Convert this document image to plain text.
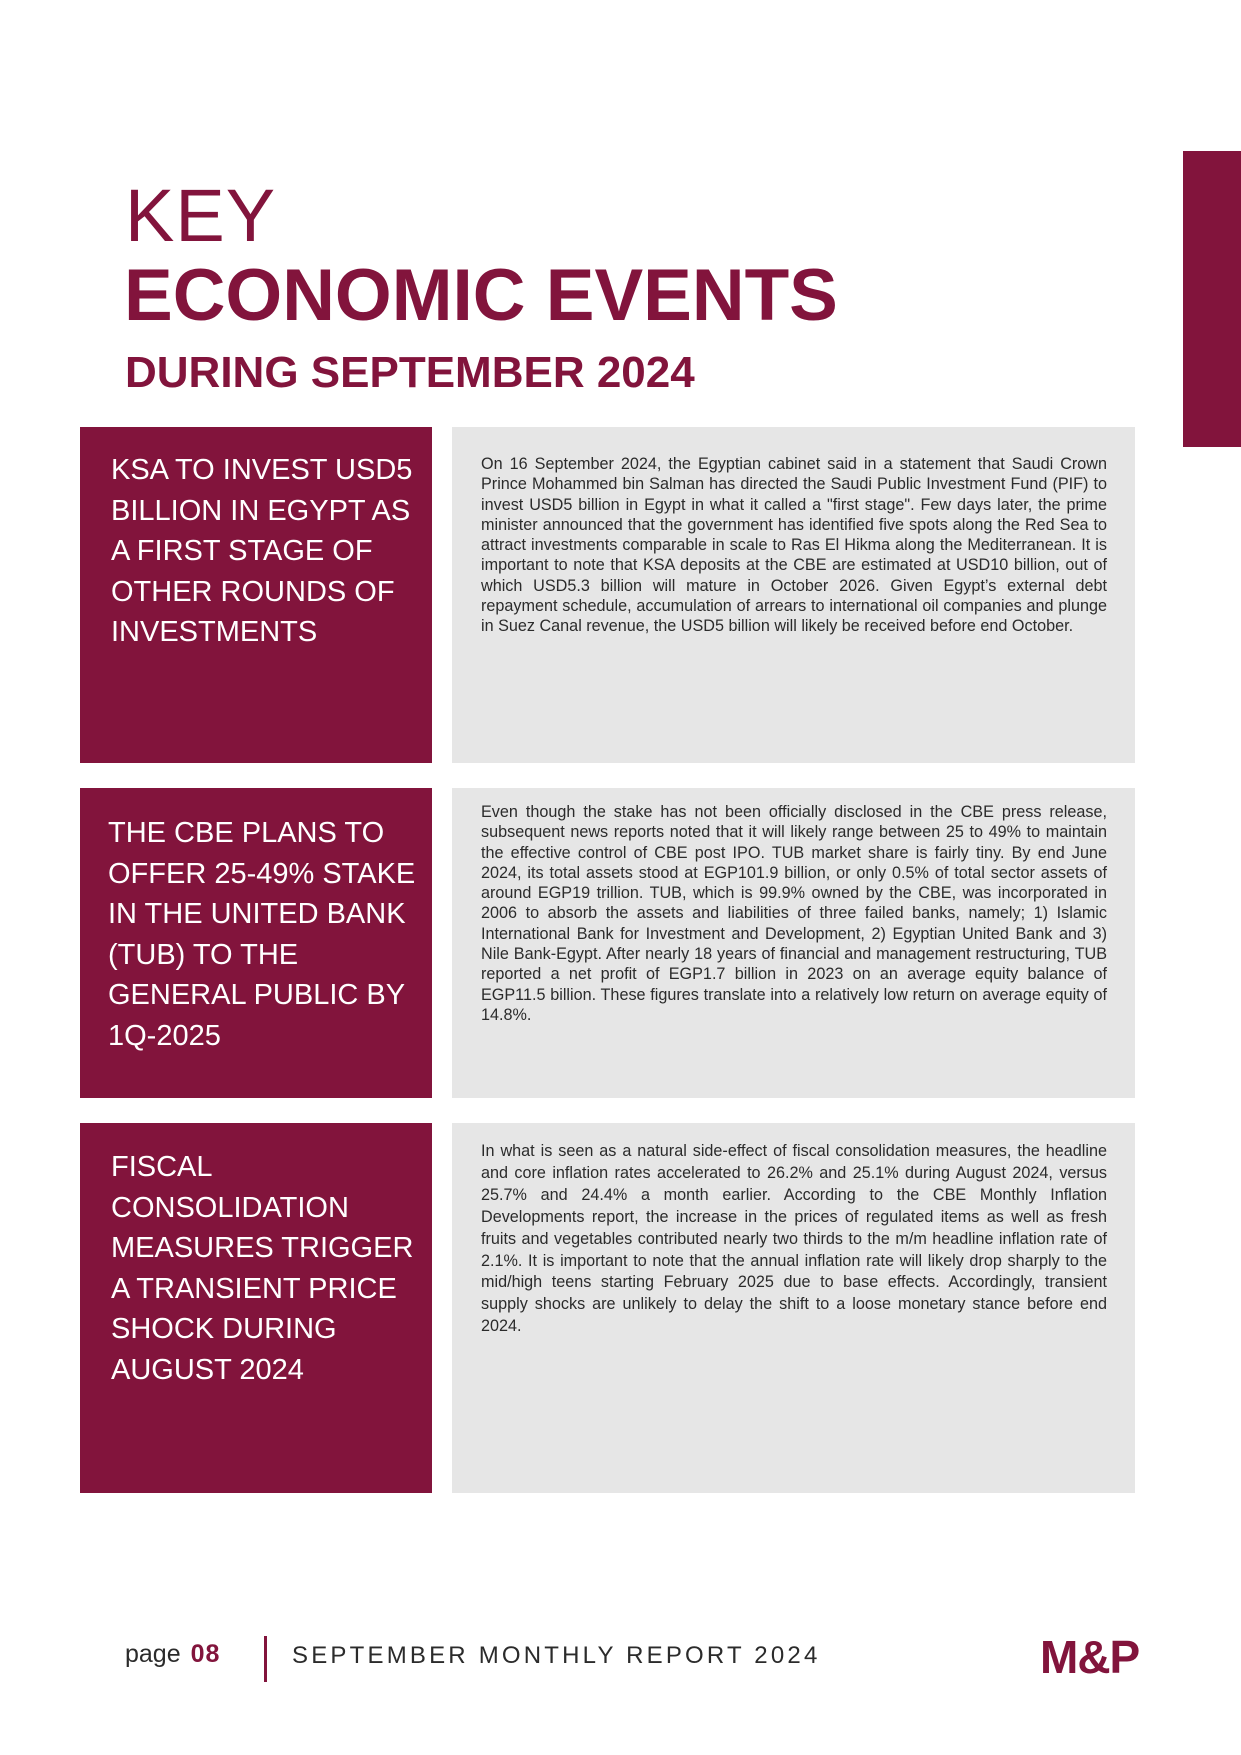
KEY
ECONOMIC EVENTS
DURING SEPTEMBER 2024
KSA TO INVEST USD5 BILLION IN EGYPT AS A FIRST STAGE OF OTHER ROUNDS OF INVESTMENTS
On 16 September 2024, the Egyptian cabinet said in a statement that Saudi Crown Prince Mohammed bin Salman has directed the Saudi Public Investment Fund (PIF) to invest USD5 billion in Egypt in what it called a "first stage". Few days later, the prime minister announced that the government has identified five spots along the Red Sea to attract investments comparable in scale to Ras El Hikma along the Mediterranean. It is important to note that KSA deposits at the CBE are estimated at USD10 billion, out of which USD5.3 billion will mature in October 2026. Given Egypt’s external debt repayment schedule, accumulation of arrears to international oil companies and plunge in Suez Canal revenue, the USD5 billion will likely be received before end October.
THE CBE PLANS TO OFFER 25-49% STAKE IN THE UNITED BANK (TUB) TO THE GENERAL PUBLIC BY 1Q-2025
Even though the stake has not been officially disclosed in the CBE press release, subsequent news reports noted that it will likely range between 25 to 49% to maintain the effective control of CBE post IPO. TUB market share is fairly tiny. By end June 2024, its total assets stood at EGP101.9 billion, or only 0.5% of total sector assets of around EGP19 trillion. TUB, which is 99.9% owned by the CBE, was incorporated in 2006 to absorb the assets and liabilities of three failed banks, namely; 1) Islamic International Bank for Investment and Development, 2) Egyptian United Bank and 3) Nile Bank-Egypt. After nearly 18 years of financial and management restructuring, TUB reported a net profit of EGP1.7 billion in 2023 on an average equity balance of EGP11.5 billion. These figures translate into a relatively low return on average equity of 14.8%.
FISCAL CONSOLIDATION MEASURES TRIGGER A TRANSIENT PRICE SHOCK DURING AUGUST 2024
In what is seen as a natural side-effect of fiscal consolidation measures, the headline and core inflation rates accelerated to 26.2% and 25.1% during August 2024, versus 25.7% and 24.4% a month earlier. According to the CBE Monthly Inflation Developments report, the increase in the prices of regulated items as well as fresh fruits and vegetables contributed nearly two thirds to the m/m headline inflation rate of 2.1%. It is important to note that the annual inflation rate will likely drop sharply to the mid/high teens starting February 2025 due to base effects. Accordingly, transient supply shocks are unlikely to delay the shift to a loose monetary stance before end 2024.
page 08	SEPTEMBER MONTHLY REPORT 2024	M&P
